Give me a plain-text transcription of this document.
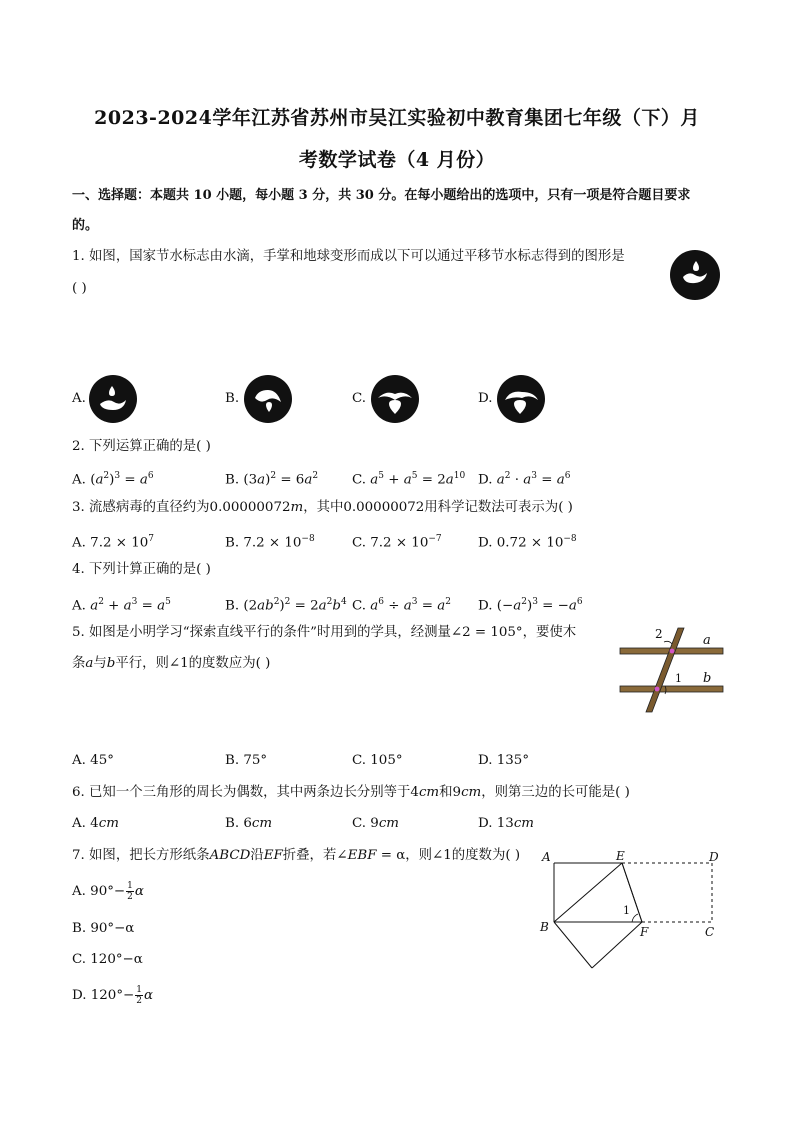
2023-2024学年江苏省苏州市吴江实验初中教育集团七年级（下）月
考数学试卷（4 月份）
一、选择题：本题共 10 小题，每小题 3 分，共 30 分。在每小题给出的选项中，只有一项是符合题目要求
的。
1. 如图，国家节水标志由水滴，手掌和地球变形而成以下可以通过平移节水标志得到的图形是
( )
A.	B.	C.	D.
2. 下列运算正确的是( )
A. $(a^2)^3 = a^6$	B. $(3a)^2 = 6a^2$	C. $a^5 + a^5 = 2a^{10}$ D. $a^2 \cdot a^3 = a^6$
3. 流感病毒的直径约为0.00000072m，其中0.00000072用科学记数法可表示为( )
A. $7.2 \times 10^7$	B. $7.2 \times 10^{-8}$	C. $7.2 \times 10^{-7}$	D. $0.72 \times 10^{-8}$
4. 下列计算正确的是( )
A. $a^2 + a^3 = a^5$	B. $(2ab^2)^2 = 2a^2b^4$ C. $a^6 \div a^3 = a^2$ D. $(-a^2)^3 = -a^6$
5. 如图是小明学习“探索直线平行的条件”时用到的学具，经测量∠2 = 105°，要使木
条a与b平行，则∠1的度数应为( )
2
1
a
b
A. 45°	B. 75°	C. 105°	D. 135°
6. 已知一个三角形的周长为偶数，其中两条边长分别等于4cm和9cm，则第三边的长可能是( )
A. 4cm	B. 6cm	C. 9cm	D. 13cm
7. 如图，把长方形纸条ABCD沿EF折叠，若∠EBF = α，则∠1的度数为( )
A. $90^\circ- \frac{1}{2}$ α
B. 90°−α
C. 120°−α
D. $120^\circ- \frac{1}{2}$ α
A	E	D
B	F	C
1
